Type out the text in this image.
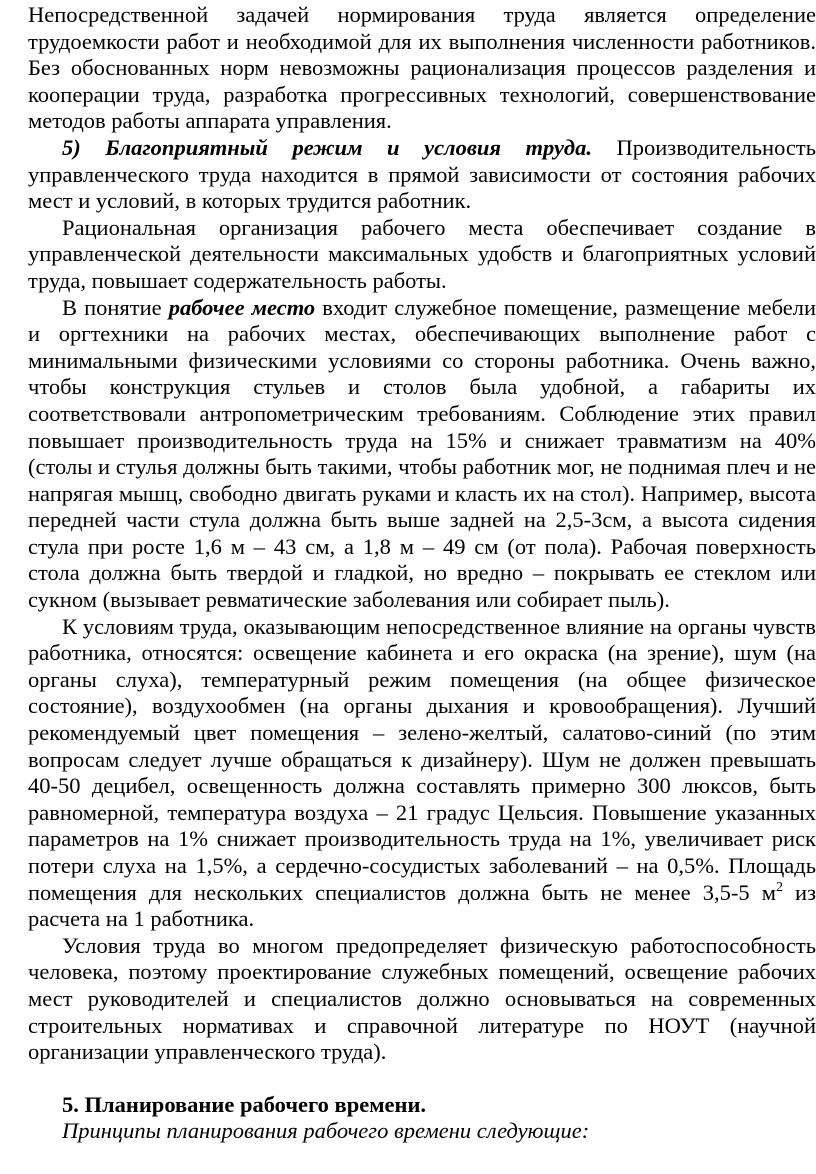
Непосредственной задачей нормирования труда является определение трудоемкости работ и необходимой для их выполнения численности работников. Без обоснованных норм невозможны рационализация процессов разделения и кооперации труда, разработка прогрессивных технологий, совершенствование методов работы аппарата управления.

5) Благоприятный режим и условия труда. Производительность управленческого труда находится в прямой зависимости от состояния рабочих мест и условий, в которых трудится работник.

Рациональная организация рабочего места обеспечивает создание в управленческой деятельности максимальных удобств и благоприятных условий труда, повышает содержательность работы.

В понятие рабочее место входит служебное помещение, размещение мебели и оргтехники на рабочих местах, обеспечивающих выполнение работ с минимальными физическими условиями со стороны работника. Очень важно, чтобы конструкция стульев и столов была удобной, а габариты их соответствовали антропометрическим требованиям. Соблюдение этих правил повышает производительность труда на 15% и снижает травматизм на 40% (столы и стулья должны быть такими, чтобы работник мог, не поднимая плеч и не напрягая мышц, свободно двигать руками и класть их на стол). Например, высота передней части стула должна быть выше задней на 2,5-3см, а высота сидения стула при росте 1,6 м – 43 см, а 1,8 м – 49 см (от пола). Рабочая поверхность стола должна быть твердой и гладкой, но вредно – покрывать ее стеклом или сукном (вызывает ревматические заболевания или собирает пыль).

К условиям труда, оказывающим непосредственное влияние на органы чувств работника, относятся: освещение кабинета и его окраска (на зрение), шум (на органы слуха), температурный режим помещения (на общее физическое состояние), воздухообмен (на органы дыхания и кровообращения). Лучший рекомендуемый цвет помещения – зелено-желтый, салатово-синий (по этим вопросам следует лучше обращаться к дизайнеру). Шум не должен превышать 40-50 децибел, освещенность должна составлять примерно 300 люксов, быть равномерной, температура воздуха – 21 градус Цельсия. Повышение указанных параметров на 1% снижает производительность труда на 1%, увеличивает риск потери слуха на 1,5%, а сердечно-сосудистых заболеваний – на 0,5%. Площадь помещения для нескольких специалистов должна быть не менее 3,5-5 $м^2$ из расчета на 1 работника.

Условия труда во многом предопределяет физическую работоспособность человека, поэтому проектирование служебных помещений, освещение рабочих мест руководителей и специалистов должно основываться на современных строительных нормативах и справочной литературе по НОУТ (научной организации управленческого труда).

5. Планирование рабочего времени.

Принципы планирования рабочего времени следующие:
